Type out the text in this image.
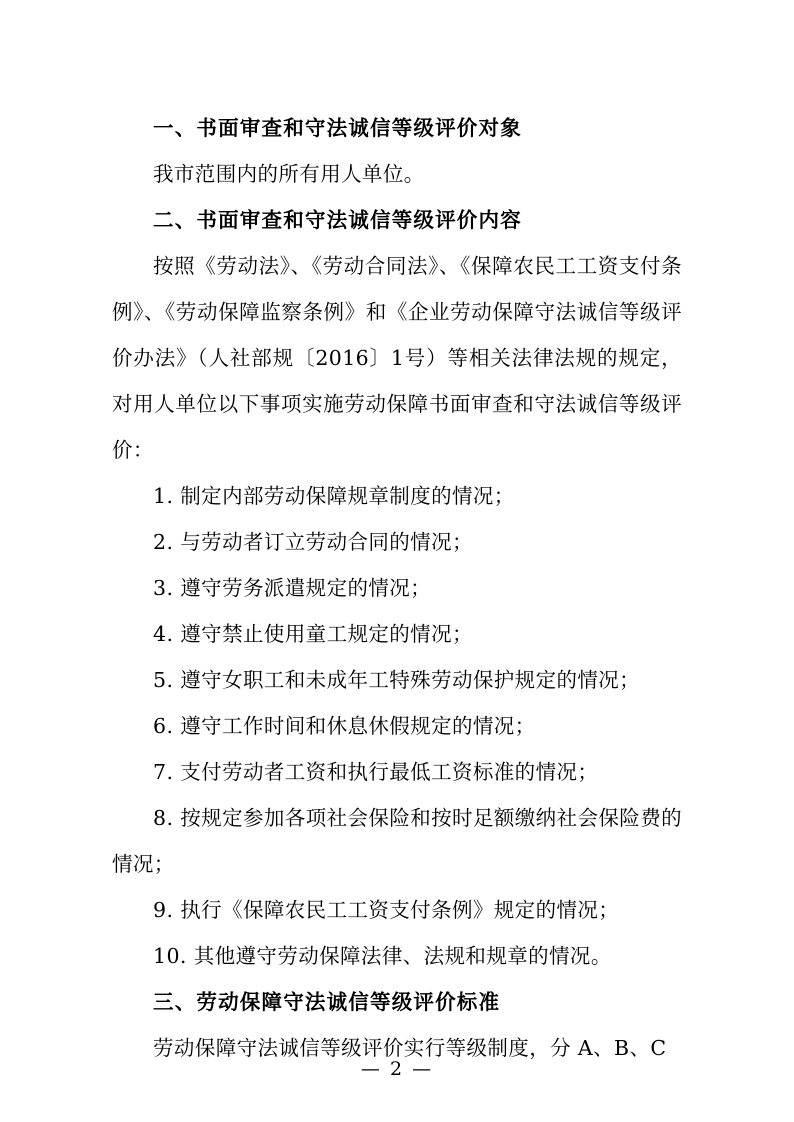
一、书面审查和守法诚信等级评价对象

我市范围内的所有用人单位。

二、书面审查和守法诚信等级评价内容

按照《劳动法》、《劳动合同法》、《保障农民工工资支付条例》、《劳动保障监察条例》和《企业劳动保障守法诚信等级评价办法》（人社部规〔2016〕1号）等相关法律法规的规定，对用人单位以下事项实施劳动保障书面审查和守法诚信等级评价：

1. 制定内部劳动保障规章制度的情况；

2. 与劳动者订立劳动合同的情况；

3. 遵守劳务派遣规定的情况；

4. 遵守禁止使用童工规定的情况；

5. 遵守女职工和未成年工特殊劳动保护规定的情况；

6. 遵守工作时间和休息休假规定的情况；

7. 支付劳动者工资和执行最低工资标准的情况；

8. 按规定参加各项社会保险和按时足额缴纳社会保险费的情况；

9. 执行《保障农民工工资支付条例》规定的情况；

10. 其他遵守劳动保障法律、法规和规章的情况。

三、劳动保障守法诚信等级评价标准

劳动保障守法诚信等级评价实行等级制度，分 A、B、C

— 2 —
